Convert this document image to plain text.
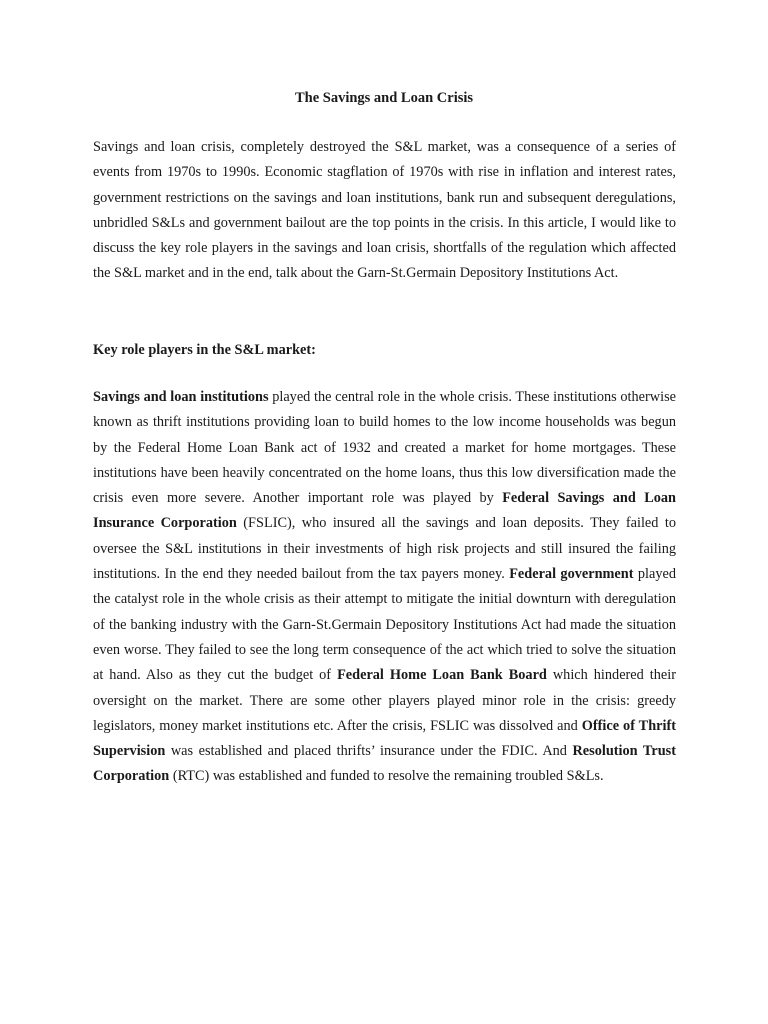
The Savings and Loan Crisis

Savings and loan crisis, completely destroyed the S&L market, was a consequence of a series of events from 1970s to 1990s. Economic stagflation of 1970s with rise in inflation and interest rates, government restrictions on the savings and loan institutions, bank run and subsequent deregulations, unbridled S&Ls and government bailout are the top points in the crisis. In this article, I would like to discuss the key role players in the savings and loan crisis, shortfalls of the regulation which affected the S&L market and in the end, talk about the Garn-St.Germain Depository Institutions Act.

Key role players in the S&L market:

Savings and loan institutions played the central role in the whole crisis. These institutions otherwise known as thrift institutions providing loan to build homes to the low income households was begun by the Federal Home Loan Bank act of 1932 and created a market for home mortgages. These institutions have been heavily concentrated on the home loans, thus this low diversification made the crisis even more severe. Another important role was played by Federal Savings and Loan Insurance Corporation (FSLIC), who insured all the savings and loan deposits. They failed to oversee the S&L institutions in their investments of high risk projects and still insured the failing institutions. In the end they needed bailout from the tax payers money. Federal government played the catalyst role in the whole crisis as their attempt to mitigate the initial downturn with deregulation of the banking industry with the Garn-St.Germain Depository Institutions Act had made the situation even worse. They failed to see the long term consequence of the act which tried to solve the situation at hand. Also as they cut the budget of Federal Home Loan Bank Board which hindered their oversight on the market. There are some other players played minor role in the crisis: greedy legislators, money market institutions etc. After the crisis, FSLIC was dissolved and Office of Thrift Supervision was established and placed thrifts’ insurance under the FDIC. And Resolution Trust Corporation (RTC) was established and funded to resolve the remaining troubled S&Ls.
